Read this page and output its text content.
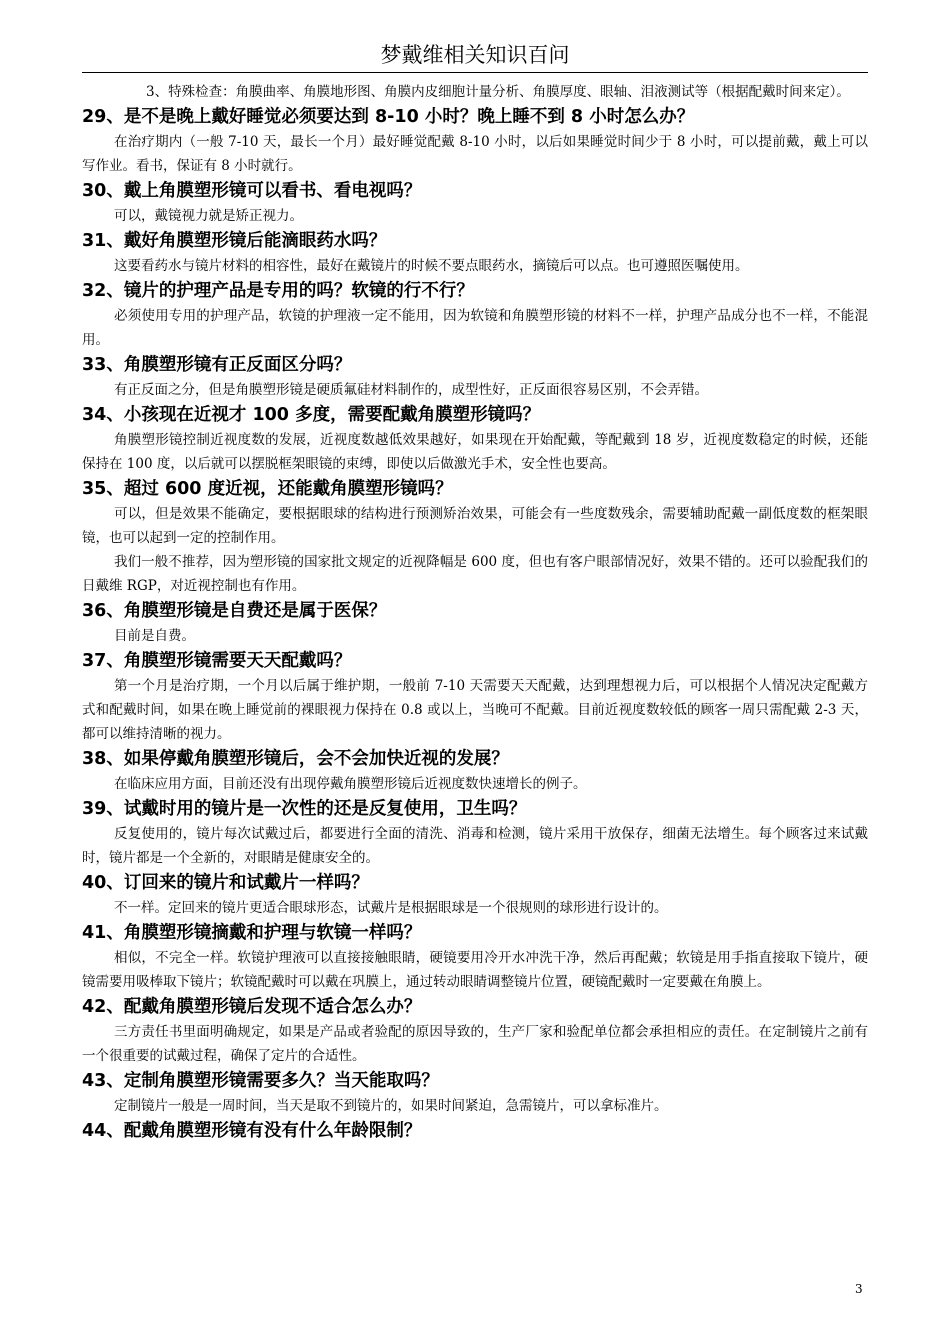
梦戴维相关知识百问

3、特殊检查：角膜曲率、角膜地形图、角膜内皮细胞计量分析、角膜厚度、眼轴、泪液测试等（根据配戴时间来定）。

29、是不是晚上戴好睡觉必须要达到 8-10 小时？晚上睡不到 8 小时怎么办？

在治疗期内（一般 7-10 天，最长一个月）最好睡觉配戴 8-10 小时，以后如果睡觉时间少于 8 小时，可以提前戴，戴上可以写作业。看书，保证有 8 小时就行。

30、戴上角膜塑形镜可以看书、看电视吗？

可以，戴镜视力就是矫正视力。

31、戴好角膜塑形镜后能滴眼药水吗？

这要看药水与镜片材料的相容性，最好在戴镜片的时候不要点眼药水，摘镜后可以点。也可遵照医嘱使用。

32、镜片的护理产品是专用的吗？软镜的行不行？

必须使用专用的护理产品，软镜的护理液一定不能用，因为软镜和角膜塑形镜的材料不一样，护理产品成分也不一样，不能混用。

33、角膜塑形镜有正反面区分吗？

有正反面之分，但是角膜塑形镜是硬质氟硅材料制作的，成型性好，正反面很容易区别，不会弄错。

34、小孩现在近视才 100 多度，需要配戴角膜塑形镜吗？

角膜塑形镜控制近视度数的发展，近视度数越低效果越好，如果现在开始配戴，等配戴到 18 岁，近视度数稳定的时候，还能保持在 100 度，以后就可以摆脱框架眼镜的束缚，即使以后做激光手术，安全性也要高。

35、超过 600 度近视，还能戴角膜塑形镜吗？

可以，但是效果不能确定，要根据眼球的结构进行预测矫治效果，可能会有一些度数残余，需要辅助配戴一副低度数的框架眼镜，也可以起到一定的控制作用。

我们一般不推荐，因为塑形镜的国家批文规定的近视降幅是 600 度，但也有客户眼部情况好，效果不错的。还可以验配我们的日戴维 RGP，对近视控制也有作用。

36、角膜塑形镜是自费还是属于医保？

目前是自费。

37、角膜塑形镜需要天天配戴吗？

第一个月是治疗期，一个月以后属于维护期，一般前 7-10 天需要天天配戴，达到理想视力后，可以根据个人情况决定配戴方式和配戴时间，如果在晚上睡觉前的裸眼视力保持在 0.8 或以上，当晚可不配戴。目前近视度数较低的顾客一周只需配戴 2-3 天，都可以维持清晰的视力。

38、如果停戴角膜塑形镜后，会不会加快近视的发展？

在临床应用方面，目前还没有出现停戴角膜塑形镜后近视度数快速增长的例子。

39、试戴时用的镜片是一次性的还是反复使用，卫生吗？

反复使用的，镜片每次试戴过后，都要进行全面的清洗、消毒和检测，镜片采用干放保存，细菌无法增生。每个顾客过来试戴时，镜片都是一个全新的，对眼睛是健康安全的。

40、订回来的镜片和试戴片一样吗？

不一样。定回来的镜片更适合眼球形态，试戴片是根据眼球是一个很规则的球形进行设计的。

41、角膜塑形镜摘戴和护理与软镜一样吗？

相似，不完全一样。软镜护理液可以直接接触眼睛，硬镜要用冷开水冲洗干净，然后再配戴；软镜是用手指直接取下镜片，硬镜需要用吸棒取下镜片；软镜配戴时可以戴在巩膜上，通过转动眼睛调整镜片位置，硬镜配戴时一定要戴在角膜上。

42、配戴角膜塑形镜后发现不适合怎么办？

三方责任书里面明确规定，如果是产品或者验配的原因导致的，生产厂家和验配单位都会承担相应的责任。在定制镜片之前有一个很重要的试戴过程，确保了定片的合适性。

43、定制角膜塑形镜需要多久？当天能取吗？

定制镜片一般是一周时间，当天是取不到镜片的，如果时间紧迫，急需镜片，可以拿标准片。

44、配戴角膜塑形镜有没有什么年龄限制？

3
